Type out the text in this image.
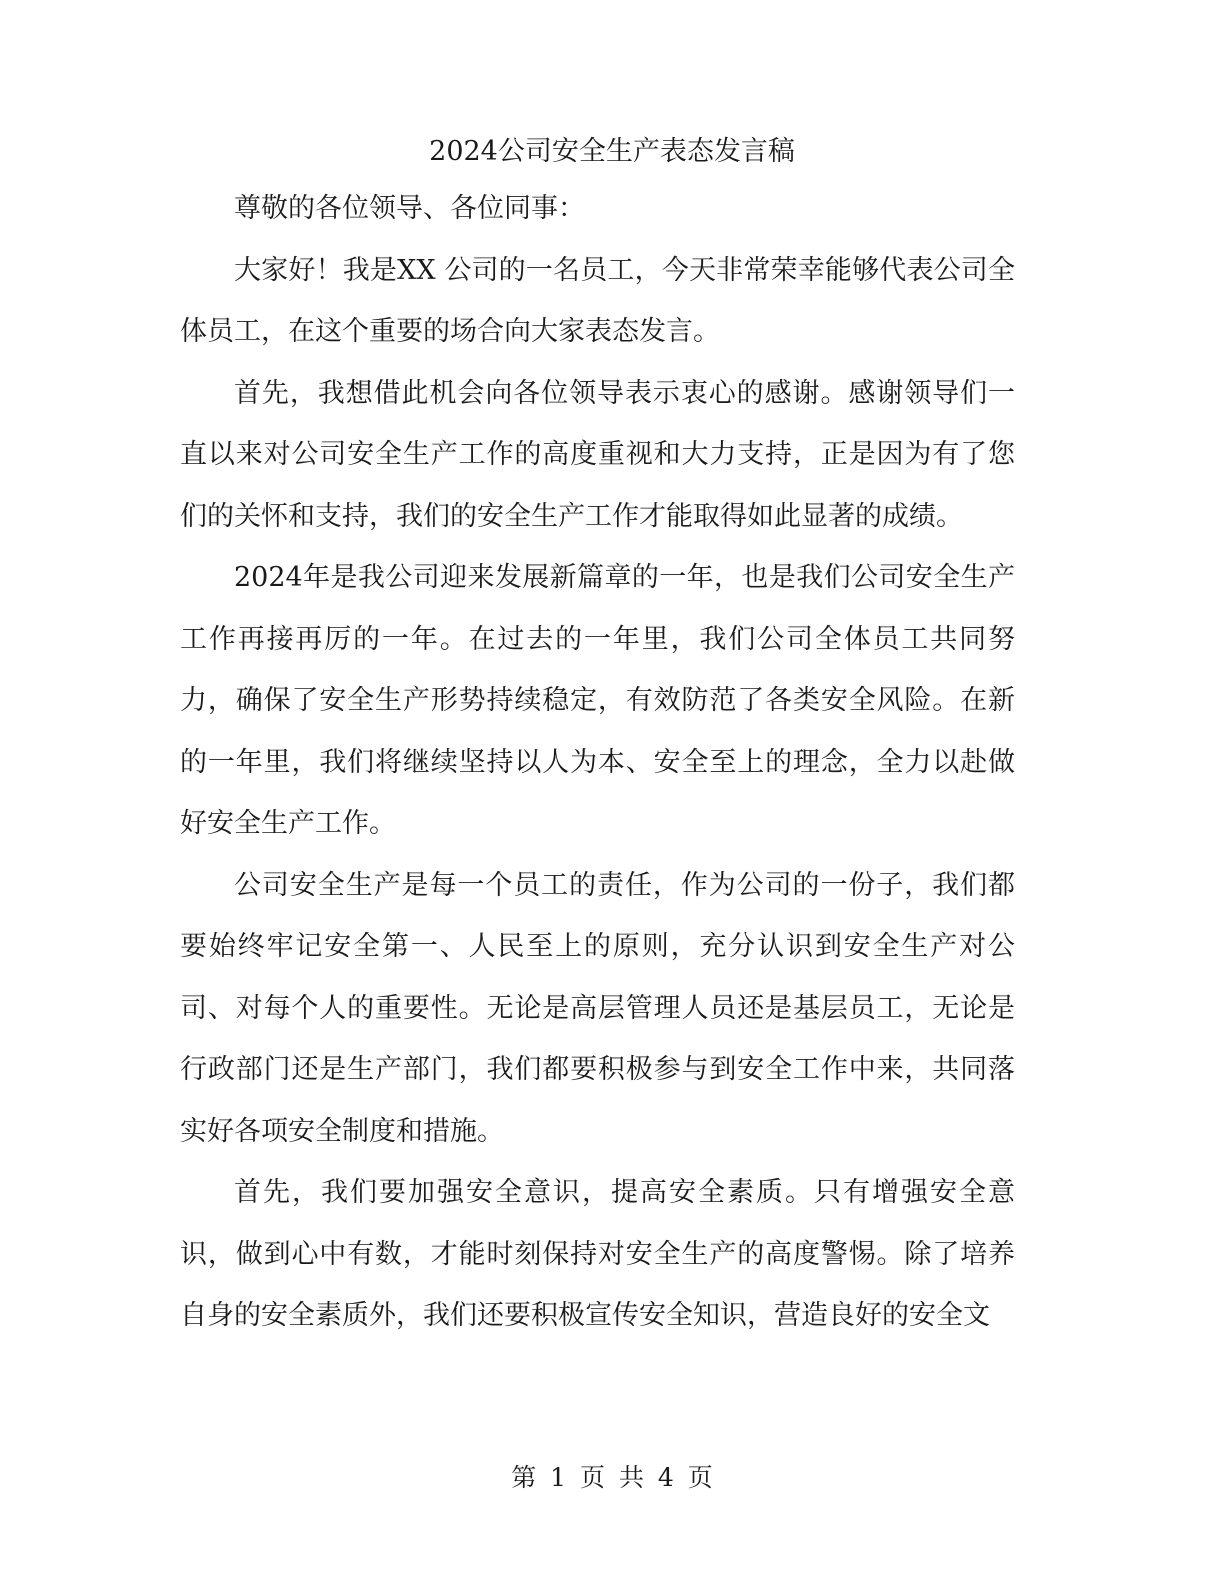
2024公司安全生产表态发言稿

尊敬的各位领导、各位同事：

大家好！我是XX 公司的一名员工，今天非常荣幸能够代表公司全体员工，在这个重要的场合向大家表态发言。

首先，我想借此机会向各位领导表示衷心的感谢。感谢领导们一直以来对公司安全生产工作的高度重视和大力支持，正是因为有了您们的关怀和支持，我们的安全生产工作才能取得如此显著的成绩。

2024年是我公司迎来发展新篇章的一年，也是我们公司安全生产工作再接再厉的一年。在过去的一年里，我们公司全体员工共同努力，确保了安全生产形势持续稳定，有效防范了各类安全风险。在新的一年里，我们将继续坚持以人为本、安全至上的理念，全力以赴做好安全生产工作。

公司安全生产是每一个员工的责任，作为公司的一份子，我们都要始终牢记安全第一、人民至上的原则，充分认识到安全生产对公司、对每个人的重要性。无论是高层管理人员还是基层员工，无论是行政部门还是生产部门，我们都要积极参与到安全工作中来，共同落实好各项安全制度和措施。

首先，我们要加强安全意识，提高安全素质。只有增强安全意识，做到心中有数，才能时刻保持对安全生产的高度警惕。除了培养自身的安全素质外，我们还要积极宣传安全知识，营造良好的安全文

第 1 页 共 4 页
